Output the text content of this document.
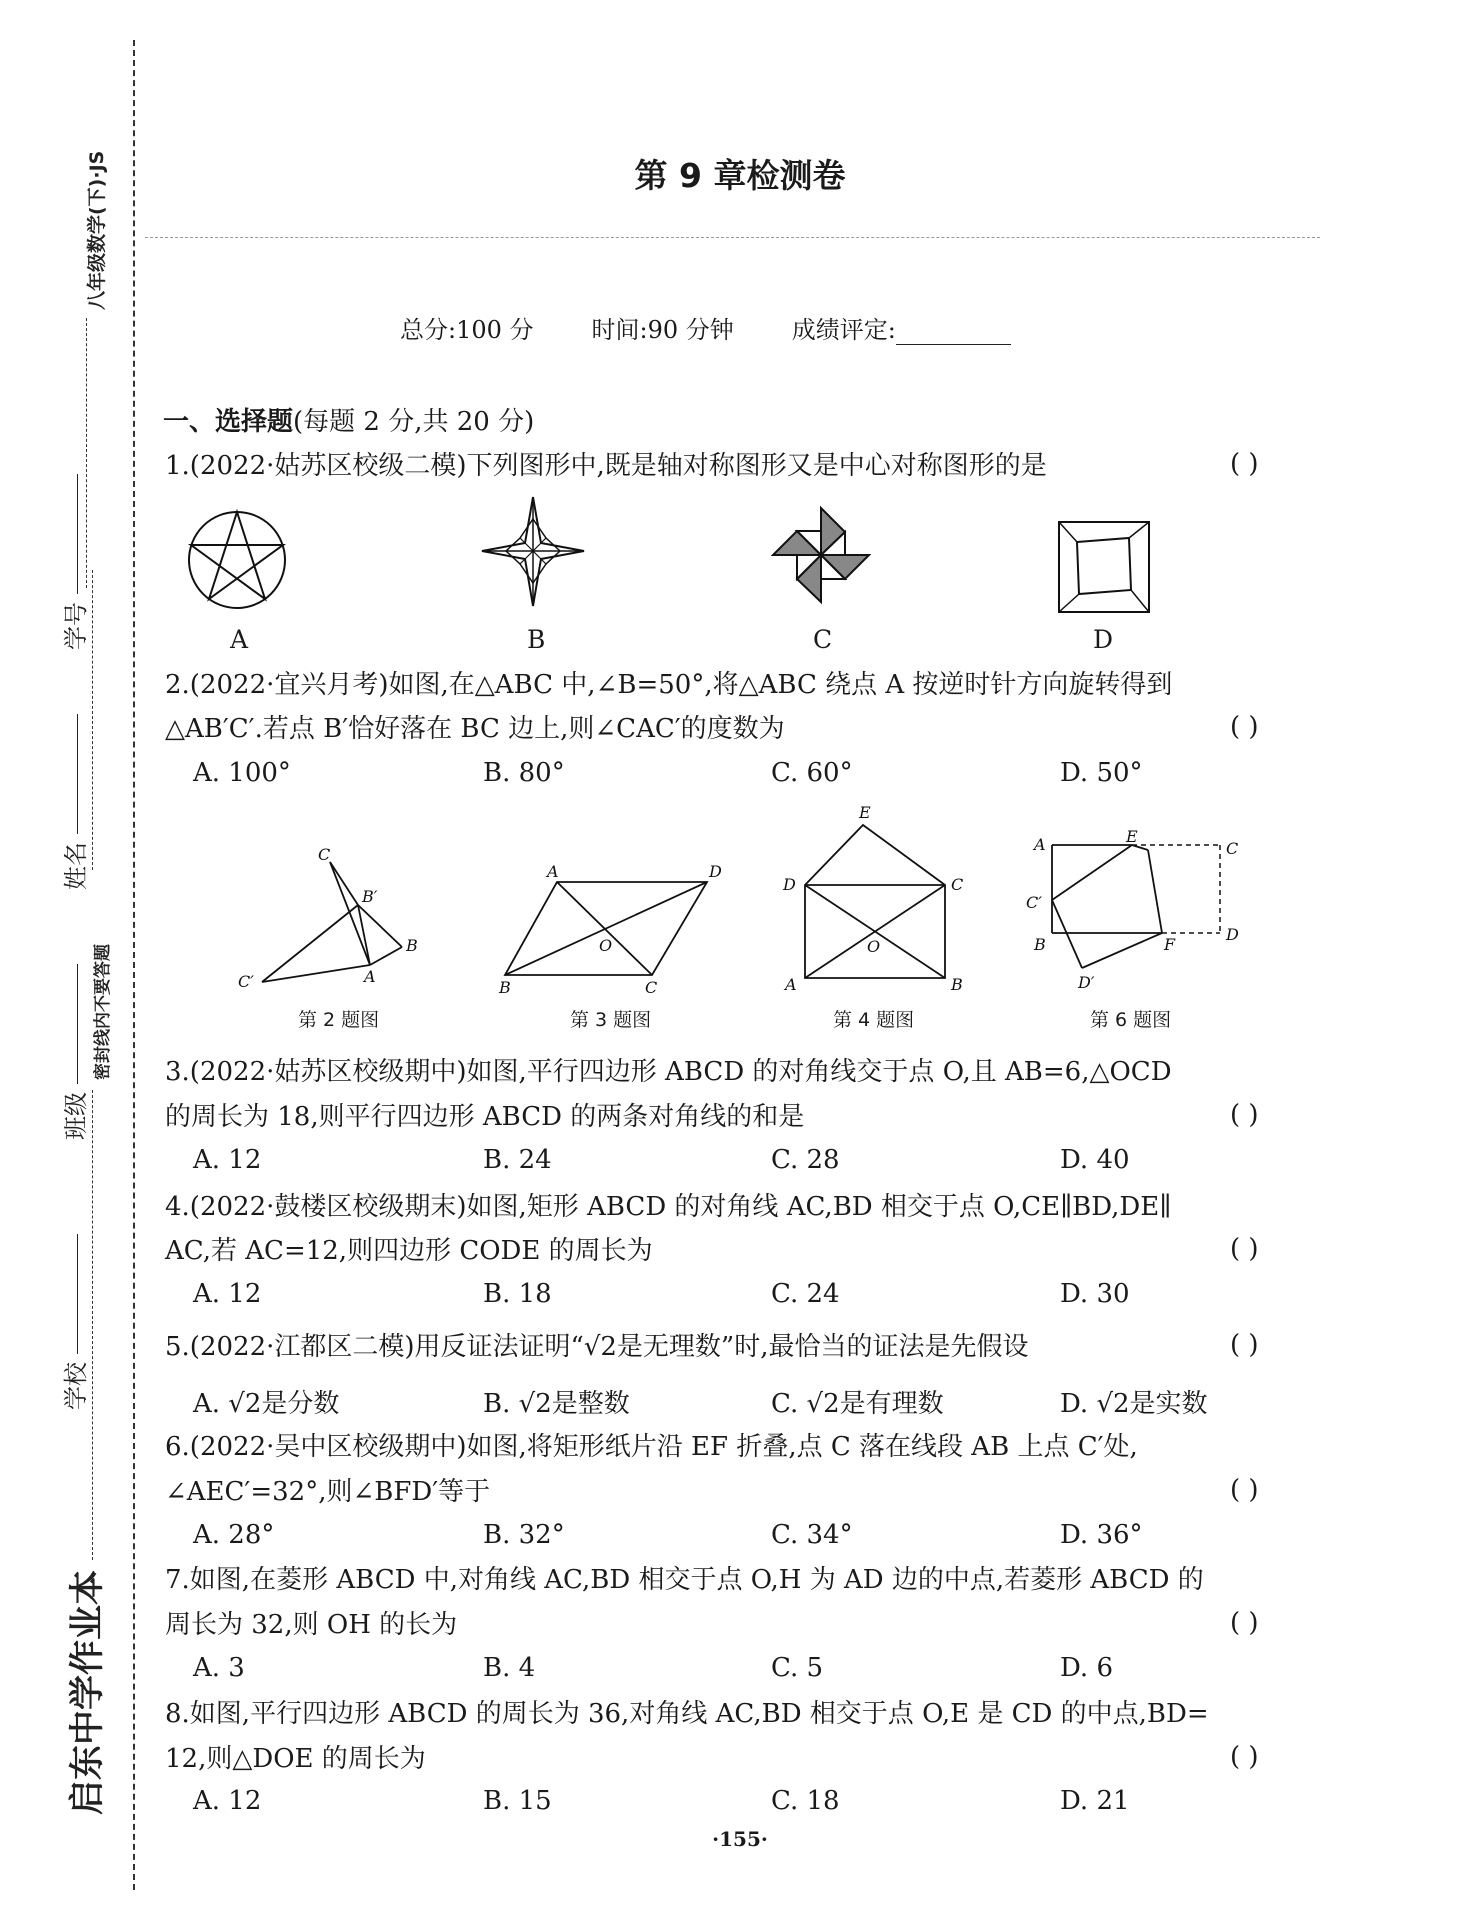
八年级数学(下)·JS
学号
姓名
班级
学校
密封线内不要答题
启东中学作业本
第 9 章检测卷
总分:100 分 时间:90 分钟 成绩评定:
一、选择题(每题 2 分,共 20 分)
1.(2022·姑苏区校级二模)下列图形中,既是轴对称图形又是中心对称图形的是	( )
A	B	C	D
2.(2022·宜兴月考)如图,在△ABC 中,∠B=50°,将△ABC 绕点 A 按逆时针方向旋转得到
△AB′C′.若点 B′恰好落在 BC 边上,则∠CAC′的度数为	( )
A. 100°	B. 80°	C. 60°	D. 50°
C
B′
B
A
C′
A	D
O
B	C
E
D	C
O
A	B
A	E
C
C′
B	F
D
D′
第 2 题图	第 3 题图	第 4 题图	第 6 题图
3.(2022·姑苏区校级期中)如图,平行四边形 ABCD 的对角线交于点 O,且 AB=6,△OCD
的周长为 18,则平行四边形 ABCD 的两条对角线的和是	( )
A. 12	B. 24	C. 28	D. 40
4.(2022·鼓楼区校级期末)如图,矩形 ABCD 的对角线 AC,BD 相交于点 O,CE∥BD,DE∥
AC,若 AC=12,则四边形 CODE 的周长为	( )
A. 12	B. 18	C. 24	D. 30
5.(2022·江都区二模)用反证法证明“√2是无理数”时,最恰当的证法是先假设	( )
A. √2是分数	B. √2是整数	C. √2是有理数	D. √2是实数
6.(2022·吴中区校级期中)如图,将矩形纸片沿 EF 折叠,点 C 落在线段 AB 上点 C′处,
∠AEC′=32°,则∠BFD′等于	( )
A. 28°	B. 32°	C. 34°	D. 36°
7.如图,在菱形 ABCD 中,对角线 AC,BD 相交于点 O,H 为 AD 边的中点,若菱形 ABCD 的
周长为 32,则 OH 的长为	( )
A. 3	B. 4	C. 5	D. 6
8.如图,平行四边形 ABCD 的周长为 36,对角线 AC,BD 相交于点 O,E 是 CD 的中点,BD=
12,则△DOE 的周长为	( )
A. 12	B. 15	C. 18	D. 21
·155·
